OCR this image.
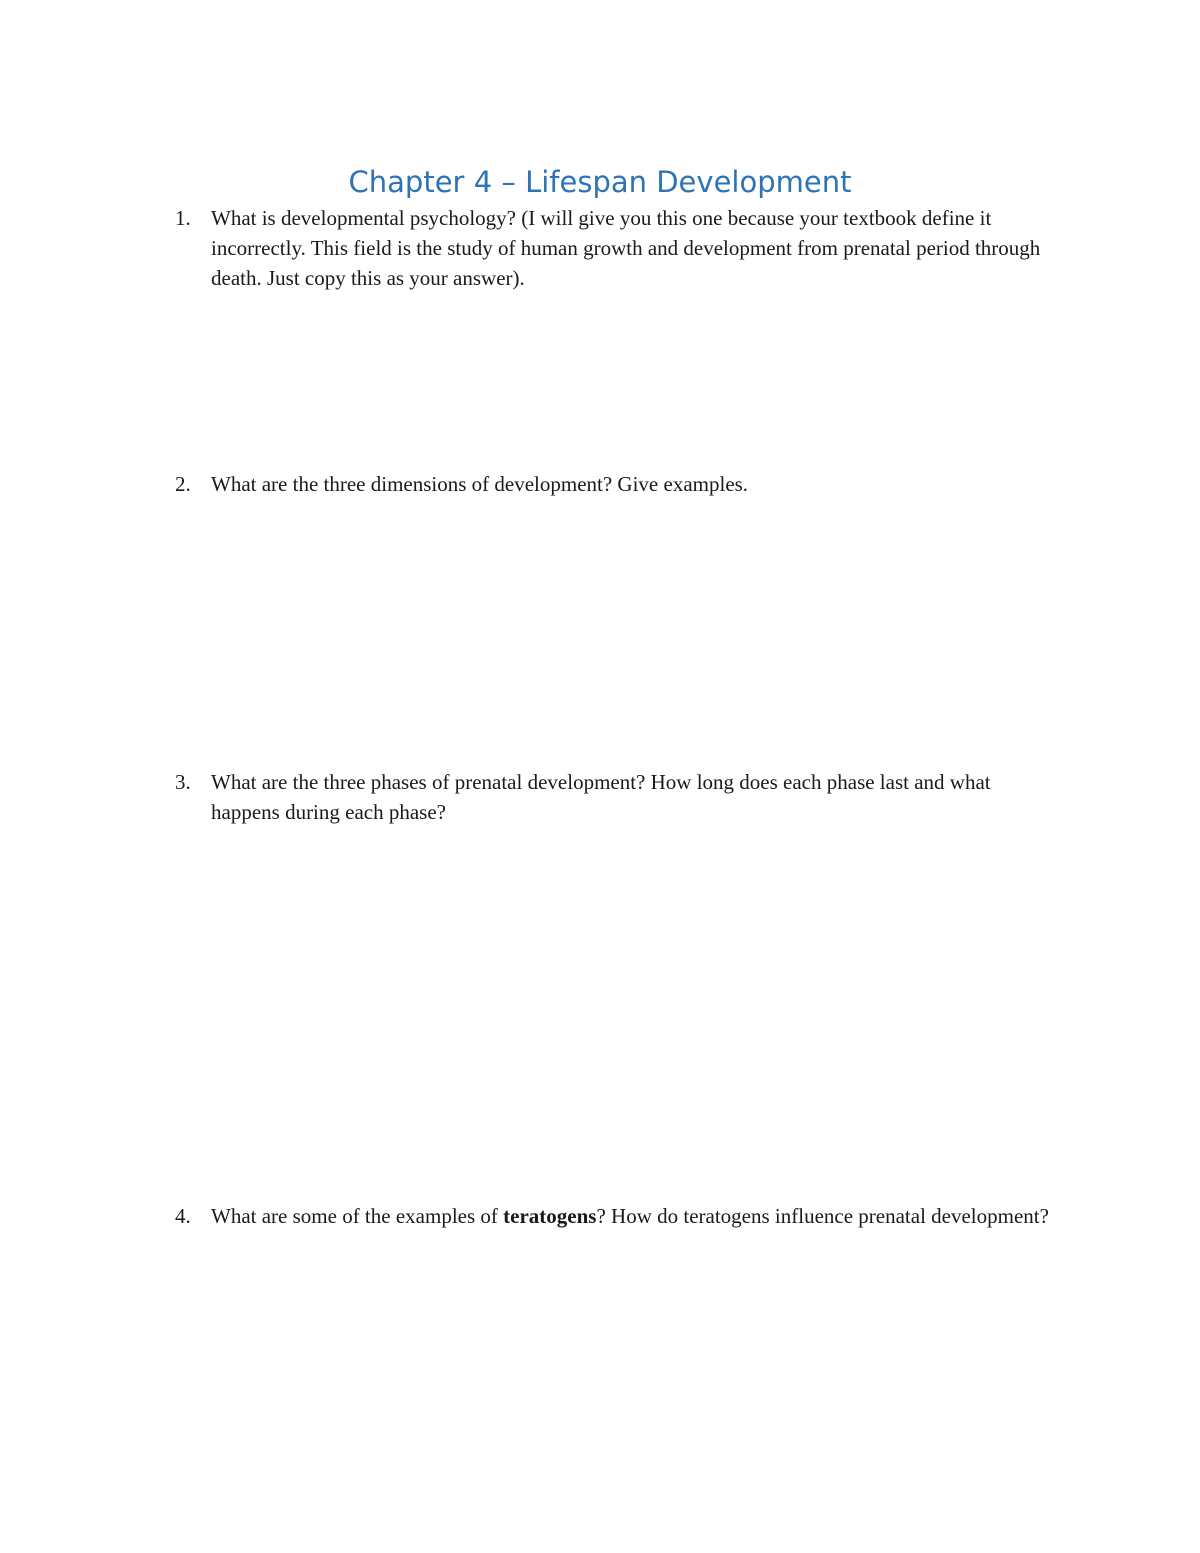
Chapter 4 – Lifespan Development
1. What is developmental psychology? (I will give you this one because your textbook define it incorrectly. This field is the study of human growth and development from prenatal period through death. Just copy this as your answer).
2. What are the three dimensions of development? Give examples.
3. What are the three phases of prenatal development? How long does each phase last and what happens during each phase?
4. What are some of the examples of teratogens? How do teratogens influence prenatal development?
